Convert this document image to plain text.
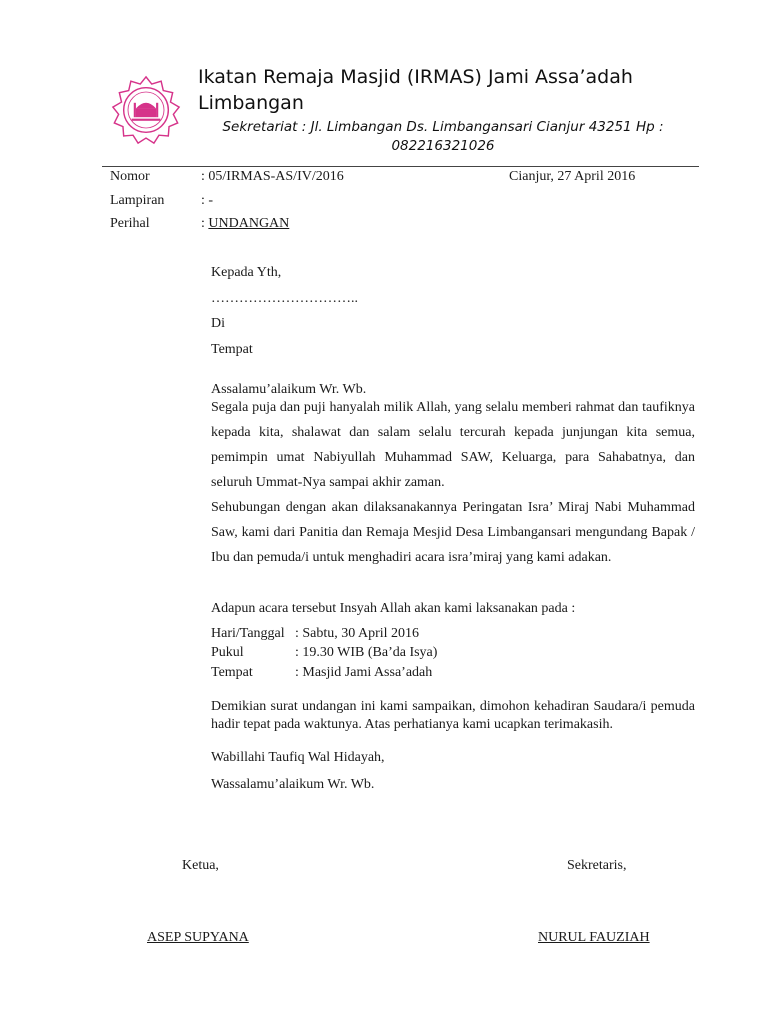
Ikatan Remaja Masjid (IRMAS) Jami Assa’adah Limbangan
Sekretariat : Jl. Limbangan Ds. Limbangansari Cianjur 43251 Hp : 082216321026
Nomor	: 05/IRMAS-AS/IV/2016	Cianjur, 27 April 2016
Lampiran	: -
Perihal	: UNDANGAN
Kepada Yth,
…………………………..
Di
Tempat
Assalamu’alaikum Wr. Wb.
Segala puja dan puji hanyalah milik Allah, yang selalu memberi rahmat dan taufiknya kepada kita, shalawat dan salam selalu tercurah kepada junjungan kita semua, pemimpin umat Nabiyullah Muhammad SAW, Keluarga, para Sahabatnya, dan seluruh Ummat-Nya sampai akhir zaman.
Sehubungan dengan akan dilaksanakannya Peringatan Isra’ Miraj Nabi Muhammad Saw, kami dari Panitia dan Remaja Mesjid Desa Limbangansari mengundang Bapak / Ibu dan pemuda/i untuk menghadiri acara isra’miraj yang kami adakan.
Adapun acara tersebut Insyah Allah akan kami laksanakan pada :
Hari/Tanggal : Sabtu, 30 April 2016
Pukul	: 19.30 WIB (Ba’da Isya)
Tempat	: Masjid Jami Assa’adah
Demikian surat undangan ini kami sampaikan, dimohon kehadiran Saudara/i pemuda hadir tepat pada waktunya. Atas perhatianya kami ucapkan terimakasih.
Wabillahi Taufiq Wal Hidayah,
Wassalamu’alaikum Wr. Wb.
Ketua,	Sekretaris,
ASEP SUPYANA	NURUL FAUZIAH
